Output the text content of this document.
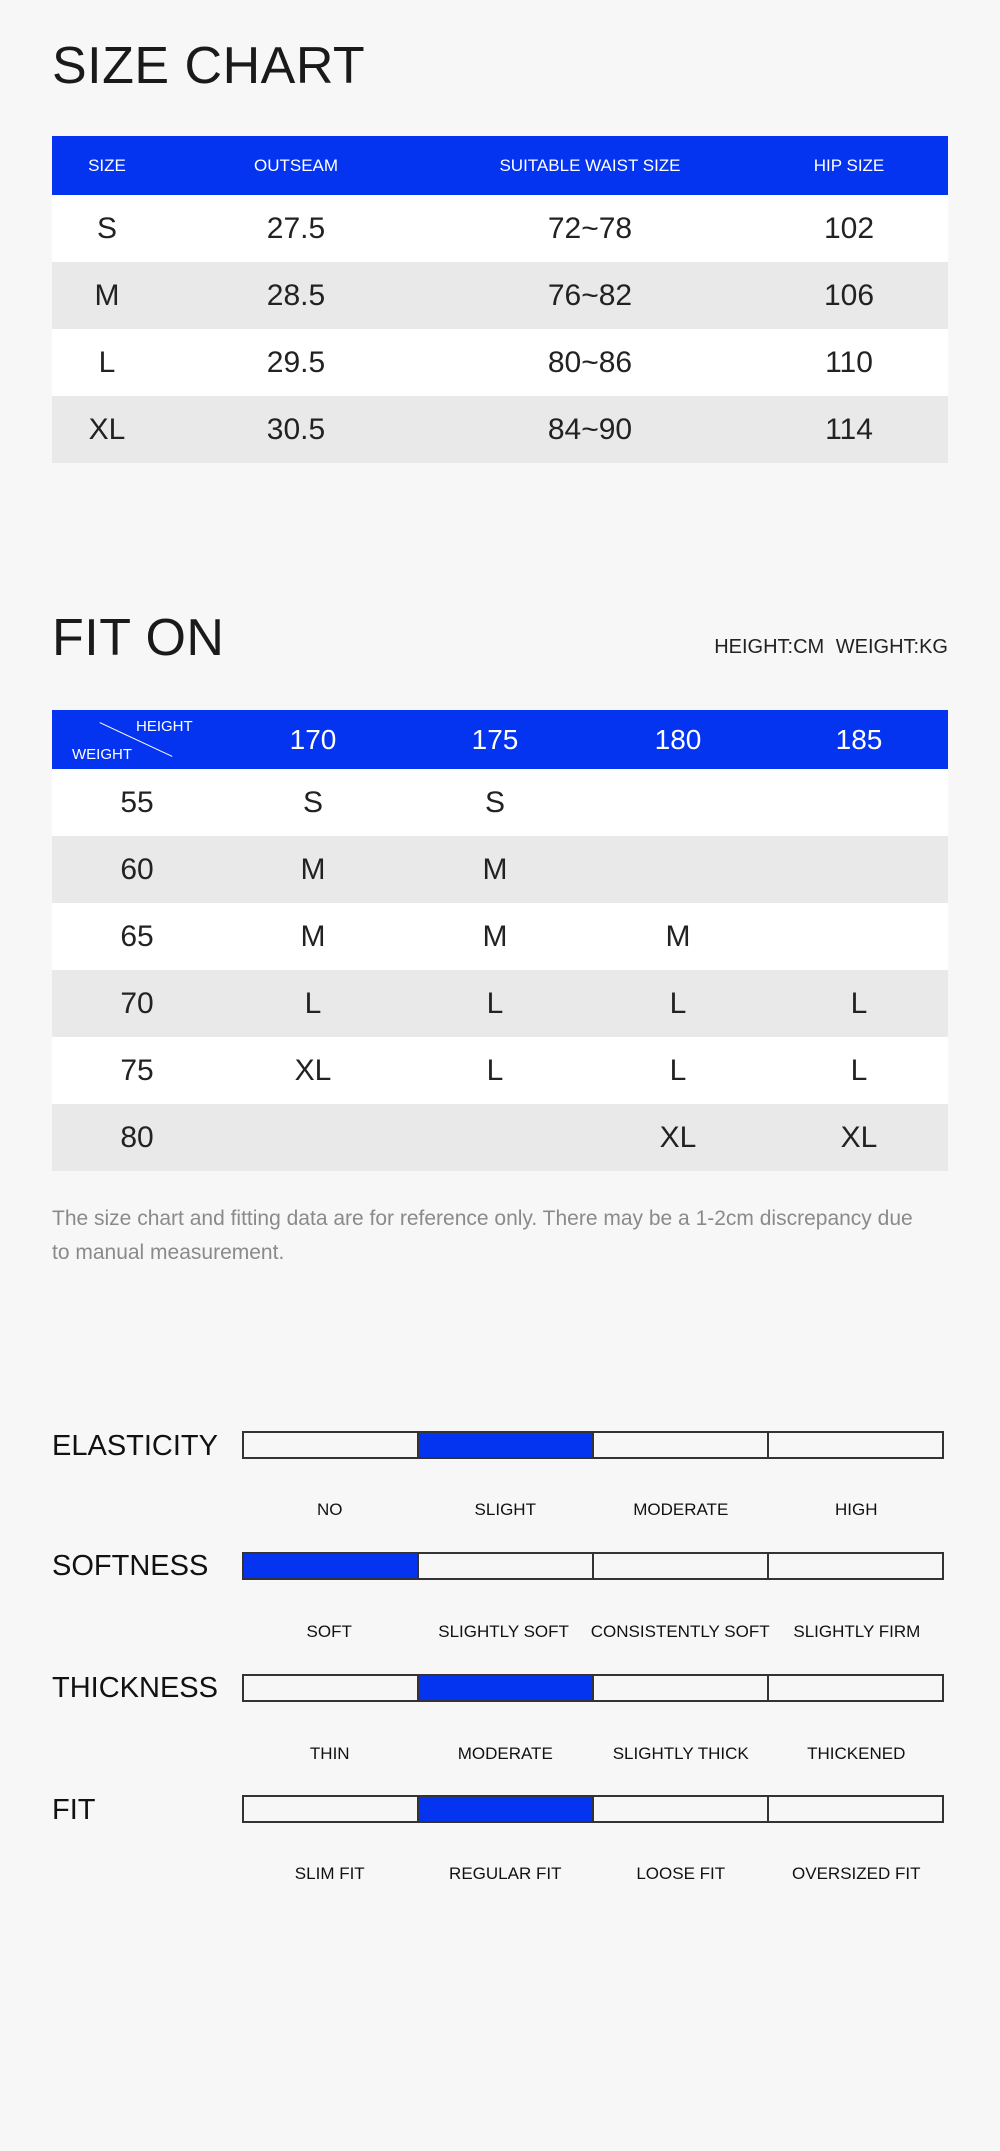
SIZE CHART
SIZE	OUTSEAM	SUITABLE WAIST SIZE	HIP SIZE
S	27.5	72~78	102
M	28.5	76~82	106
L	29.5	80~86	110
XL	30.5	84~90	114
FIT ON	HEIGHT:CM WEIGHT:KG
HEIGHT
WEIGHT	170	175	180	185
55	S	S		
60	M	M		
65	M	M	M	
70	L	L	L	L
75	XL	L	L	L
80			XL	XL
The size chart and fitting data are for reference only. There may be a 1-2cm discrepancy due to manual measurement.
ELASTICITY
NO	SLIGHT	MODERATE	HIGH
SOFTNESS
SOFT	SLIGHTLY SOFT	CONSISTENTLY SOFT	SLIGHTLY FIRM
THICKNESS
THIN	MODERATE	SLIGHTLY THICK	THICKENED
FIT
SLIM FIT	REGULAR FIT	LOOSE FIT	OVERSIZED FIT
